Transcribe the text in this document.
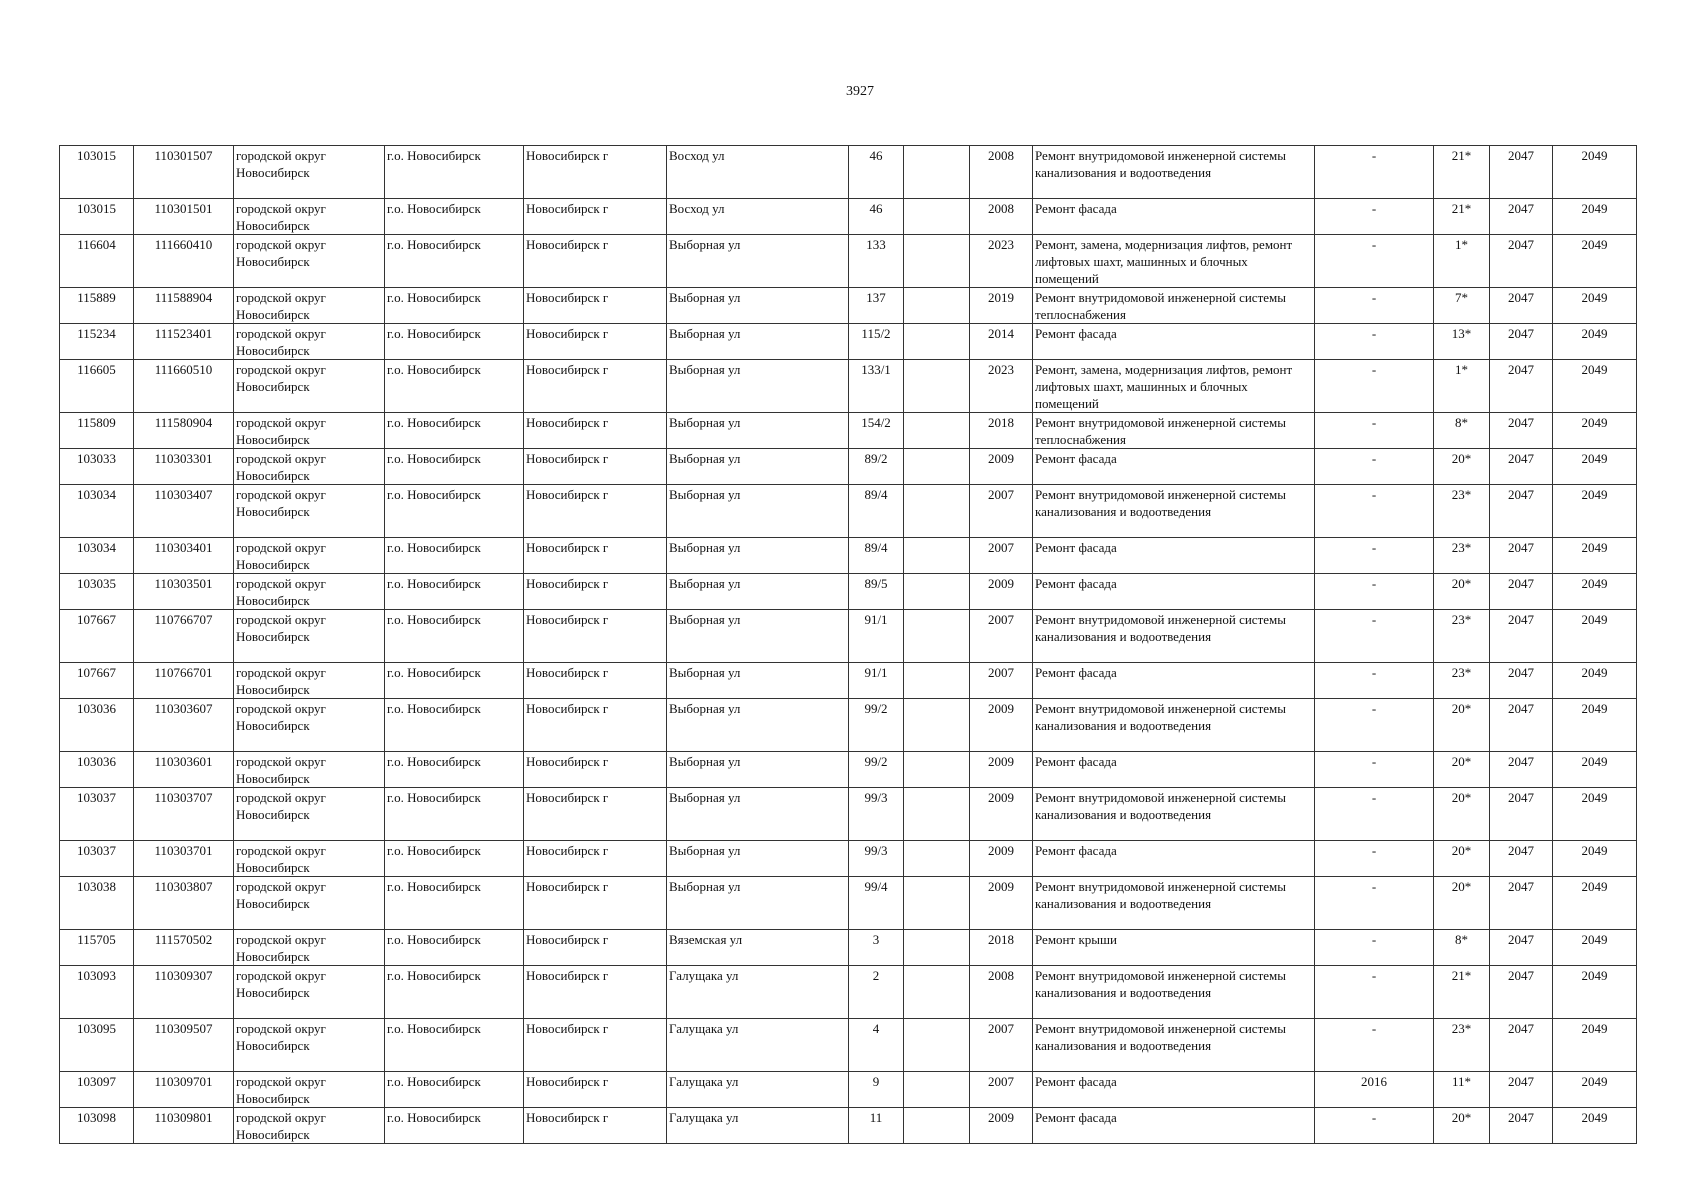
3927
103015	110301507	городской округ Новосибирск	г.о. Новосибирск	Новосибирск г	Восход ул	46		2008	Ремонт внутридомовой инженерной системы канализования и водоотведения	-	21*	2047	2049
103015	110301501	городской округ Новосибирск	г.о. Новосибирск	Новосибирск г	Восход ул	46		2008	Ремонт фасада	-	21*	2047	2049
116604	111660410	городской округ Новосибирск	г.о. Новосибирск	Новосибирск г	Выборная ул	133		2023	Ремонт, замена, модернизация лифтов, ремонт лифтовых шахт, машинных и блочных помещений	-	1*	2047	2049
115889	111588904	городской округ Новосибирск	г.о. Новосибирск	Новосибирск г	Выборная ул	137		2019	Ремонт внутридомовой инженерной системы теплоснабжения	-	7*	2047	2049
115234	111523401	городской округ Новосибирск	г.о. Новосибирск	Новосибирск г	Выборная ул	115/2		2014	Ремонт фасада	-	13*	2047	2049
116605	111660510	городской округ Новосибирск	г.о. Новосибирск	Новосибирск г	Выборная ул	133/1		2023	Ремонт, замена, модернизация лифтов, ремонт лифтовых шахт, машинных и блочных помещений	-	1*	2047	2049
115809	111580904	городской округ Новосибирск	г.о. Новосибирск	Новосибирск г	Выборная ул	154/2		2018	Ремонт внутридомовой инженерной системы теплоснабжения	-	8*	2047	2049
103033	110303301	городской округ Новосибирск	г.о. Новосибирск	Новосибирск г	Выборная ул	89/2		2009	Ремонт фасада	-	20*	2047	2049
103034	110303407	городской округ Новосибирск	г.о. Новосибирск	Новосибирск г	Выборная ул	89/4		2007	Ремонт внутридомовой инженерной системы канализования и водоотведения	-	23*	2047	2049
103034	110303401	городской округ Новосибирск	г.о. Новосибирск	Новосибирск г	Выборная ул	89/4		2007	Ремонт фасада	-	23*	2047	2049
103035	110303501	городской округ Новосибирск	г.о. Новосибирск	Новосибирск г	Выборная ул	89/5		2009	Ремонт фасада	-	20*	2047	2049
107667	110766707	городской округ Новосибирск	г.о. Новосибирск	Новосибирск г	Выборная ул	91/1		2007	Ремонт внутридомовой инженерной системы канализования и водоотведения	-	23*	2047	2049
107667	110766701	городской округ Новосибирск	г.о. Новосибирск	Новосибирск г	Выборная ул	91/1		2007	Ремонт фасада	-	23*	2047	2049
103036	110303607	городской округ Новосибирск	г.о. Новосибирск	Новосибирск г	Выборная ул	99/2		2009	Ремонт внутридомовой инженерной системы канализования и водоотведения	-	20*	2047	2049
103036	110303601	городской округ Новосибирск	г.о. Новосибирск	Новосибирск г	Выборная ул	99/2		2009	Ремонт фасада	-	20*	2047	2049
103037	110303707	городской округ Новосибирск	г.о. Новосибирск	Новосибирск г	Выборная ул	99/3		2009	Ремонт внутридомовой инженерной системы канализования и водоотведения	-	20*	2047	2049
103037	110303701	городской округ Новосибирск	г.о. Новосибирск	Новосибирск г	Выборная ул	99/3		2009	Ремонт фасада	-	20*	2047	2049
103038	110303807	городской округ Новосибирск	г.о. Новосибирск	Новосибирск г	Выборная ул	99/4		2009	Ремонт внутридомовой инженерной системы канализования и водоотведения	-	20*	2047	2049
115705	111570502	городской округ Новосибирск	г.о. Новосибирск	Новосибирск г	Вяземская ул	3		2018	Ремонт крыши	-	8*	2047	2049
103093	110309307	городской округ Новосибирск	г.о. Новосибирск	Новосибирск г	Галущака ул	2		2008	Ремонт внутридомовой инженерной системы канализования и водоотведения	-	21*	2047	2049
103095	110309507	городской округ Новосибирск	г.о. Новосибирск	Новосибирск г	Галущака ул	4		2007	Ремонт внутридомовой инженерной системы канализования и водоотведения	-	23*	2047	2049
103097	110309701	городской округ Новосибирск	г.о. Новосибирск	Новосибирск г	Галущака ул	9		2007	Ремонт фасада	2016	11*	2047	2049
103098	110309801	городской округ Новосибирск	г.о. Новосибирск	Новосибирск г	Галущака ул	11		2009	Ремонт фасада	-	20*	2047	2049
